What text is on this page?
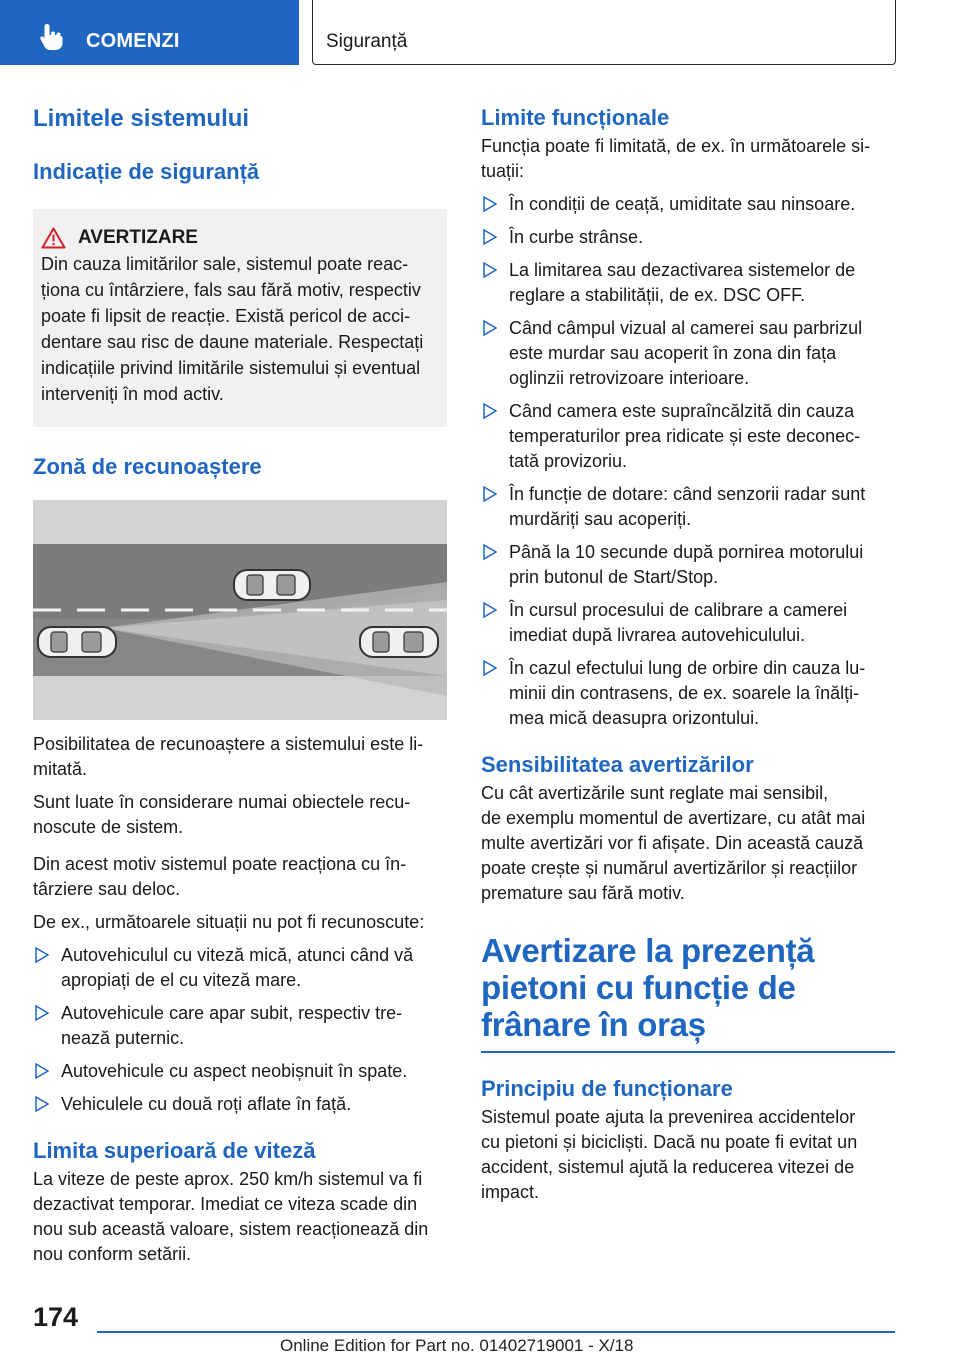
COMENZI	Siguranță
Limitele sistemului
Indicație de siguranță
AVERTIZARE

Din cauza limitărilor sale, sistemul poate reac-
ționa cu întârziere, fals sau fără motiv, respectiv
poate fi lipsit de reacție. Există pericol de acci-
dentare sau risc de daune materiale. Respectați
indicațiile privind limitările sistemului și eventual
interveniți în mod activ.

Zonă de recunoaștere

Posibilitatea de recunoaștere a sistemului este li-
mitată.

Sunt luate în considerare numai obiectele recu-
noscute de sistem.

Din acest motiv sistemul poate reacționa cu în-
târziere sau deloc.

De ex., următoarele situații nu pot fi recunoscute:

Autovehiculul cu viteză mică, atunci când vă
apropiați de el cu viteză mare.
Autovehicule care apar subit, respectiv tre-
nează puternic.
Autovehicule cu aspect neobișnuit în spate.
Vehiculele cu două roți aflate în față.
Limita superioară de viteză

La viteze de peste aprox. 250 km/h sistemul va fi
dezactivat temporar. Imediat ce viteza scade din
nou sub această valoare, sistem reacționează din
nou conform setării.

Limite funcționale

Funcția poate fi limitată, de ex. în următoarele si-
tuații:

În condiții de ceață, umiditate sau ninsoare.
În curbe strânse.
La limitarea sau dezactivarea sistemelor de
reglare a stabilității, de ex. DSC OFF.
Când câmpul vizual al camerei sau parbrizul
este murdar sau acoperit în zona din fața
oglinzii retrovizoare interioare.
Când camera este supraîncălzită din cauza
temperaturilor prea ridicate și este deconec-
tată provizoriu.
În funcție de dotare: când senzorii radar sunt
murdăriți sau acoperiți.
Până la 10 secunde după pornirea motorului
prin butonul de Start/Stop.
În cursul procesului de calibrare a camerei
imediat după livrarea autovehiculului.
În cazul efectului lung de orbire din cauza lu-
minii din contrasens, de ex. soarele la înălți-
mea mică deasupra orizontului.
Sensibilitatea avertizărilor

Cu cât avertizările sunt reglate mai sensibil,
de exemplu momentul de avertizare, cu atât mai
multe avertizări vor fi afișate. Din această cauză
poate crește și numărul avertizărilor și reacțiilor
premature sau fără motiv.

Avertizare la prezență
pietoni cu funcție de
frânare în oraș
Principiu de funcționare

Sistemul poate ajuta la prevenirea accidentelor
cu pietoni și bicicliști. Dacă nu poate fi evitat un
accident, sistemul ajută la reducerea vitezei de
impact.

174
Online Edition for Part no. 01402719001 - X/18
